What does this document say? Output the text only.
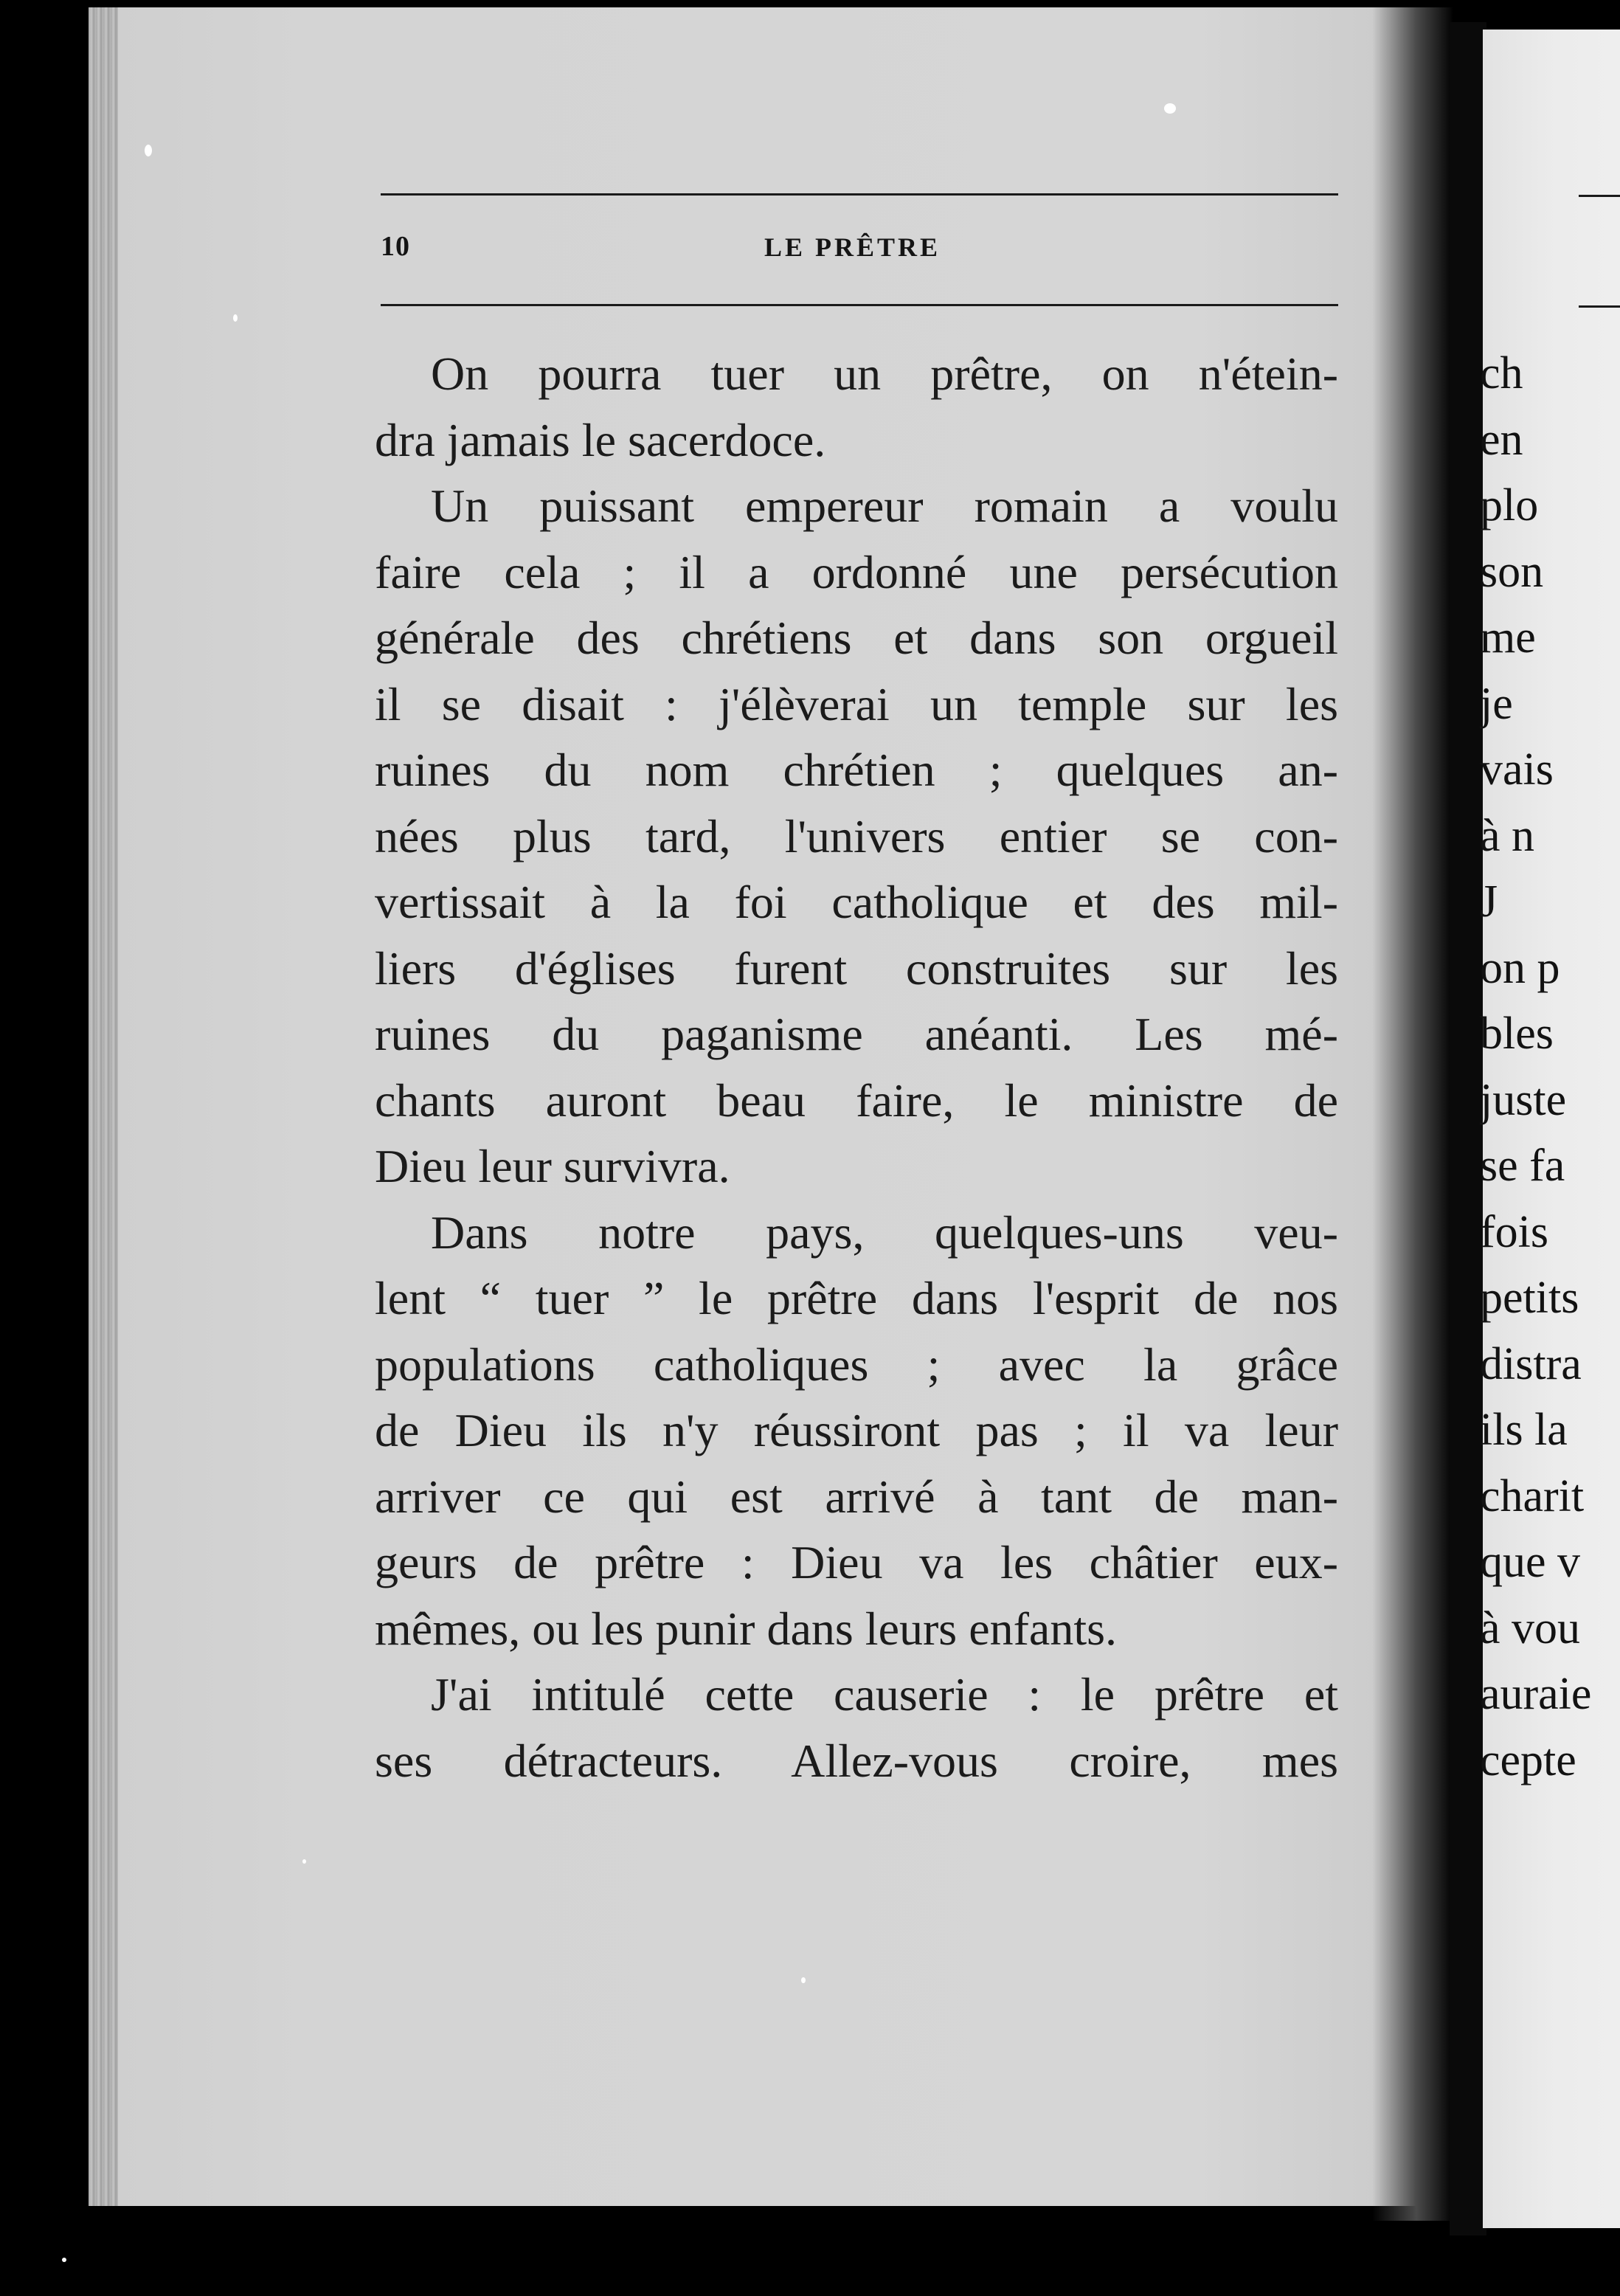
10	LE PRÊTRE
On pourra tuer un prêtre, on n'étein-
dra jamais le sacerdoce.
Un puissant empereur romain a voulu
faire cela ; il a ordonné une persécution
générale des chrétiens et dans son orgueil
il se disait : j'élèverai un temple sur les
ruines du nom chrétien ; quelques an-
nées plus tard, l'univers entier se con-
vertissait à la foi catholique et des mil-
liers d'églises furent construites sur les
ruines du paganisme anéanti. Les mé-
chants auront beau faire, le ministre de
Dieu leur survivra.
Dans notre pays, quelques-uns veu-
lent “ tuer ” le prêtre dans l'esprit de nos
populations catholiques ; avec la grâce
de Dieu ils n'y réussiront pas ; il va leur
arriver ce qui est arrivé à tant de man-
geurs de prêtre : Dieu va les châtier eux-
mêmes, ou les punir dans leurs enfants.
J'ai intitulé cette causerie : le prêtre et
ses détracteurs. Allez-vous croire, mes
ch
en
plo
son
me
je
vais
à n
J
on p
bles
juste
se fa
fois
petits
distra
ils la
charit
que v
à vou
auraie
cepte
